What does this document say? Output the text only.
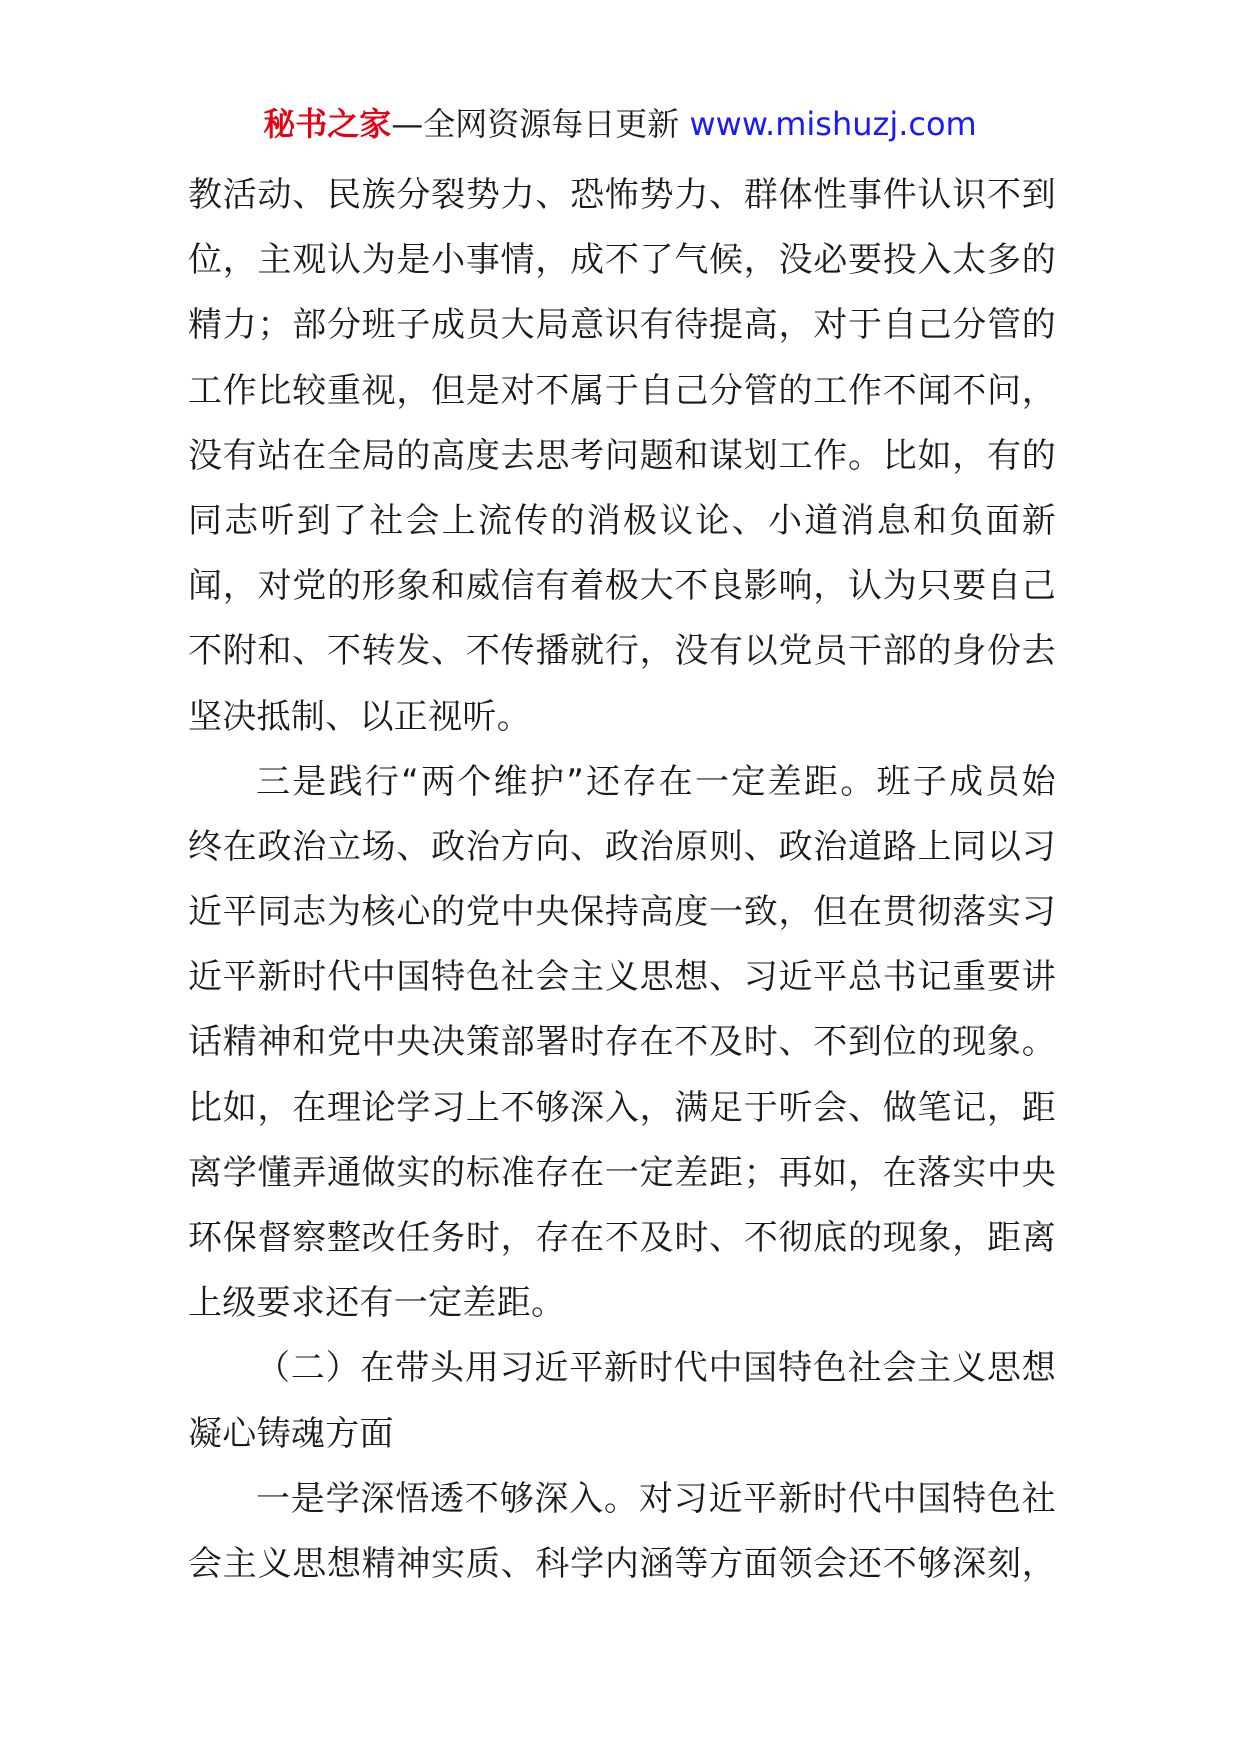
秘书之家—全网资源每日更新 www.mishuzj.com
教活动、民族分裂势力、恐怖势力、群体性事件认识不到
位，主观认为是小事情，成不了气候，没必要投入太多的
精力；部分班子成员大局意识有待提高，对于自己分管的
工作比较重视，但是对不属于自己分管的工作不闻不问，
没有站在全局的高度去思考问题和谋划工作。比如，有的
同志听到了社会上流传的消极议论、小道消息和负面新
闻，对党的形象和威信有着极大不良影响，认为只要自己
不附和、不转发、不传播就行，没有以党员干部的身份去
坚决抵制、以正视听。
三是践行“两个维护”还存在一定差距。班子成员始
终在政治立场、政治方向、政治原则、政治道路上同以习
近平同志为核心的党中央保持高度一致，但在贯彻落实习
近平新时代中国特色社会主义思想、习近平总书记重要讲
话精神和党中央决策部署时存在不及时、不到位的现象。
比如，在理论学习上不够深入，满足于听会、做笔记，距
离学懂弄通做实的标准存在一定差距；再如，在落实中央
环保督察整改任务时，存在不及时、不彻底的现象，距离
上级要求还有一定差距。
（二）在带头用习近平新时代中国特色社会主义思想
凝心铸魂方面
一是学深悟透不够深入。对习近平新时代中国特色社
会主义思想精神实质、科学内涵等方面领会还不够深刻，
